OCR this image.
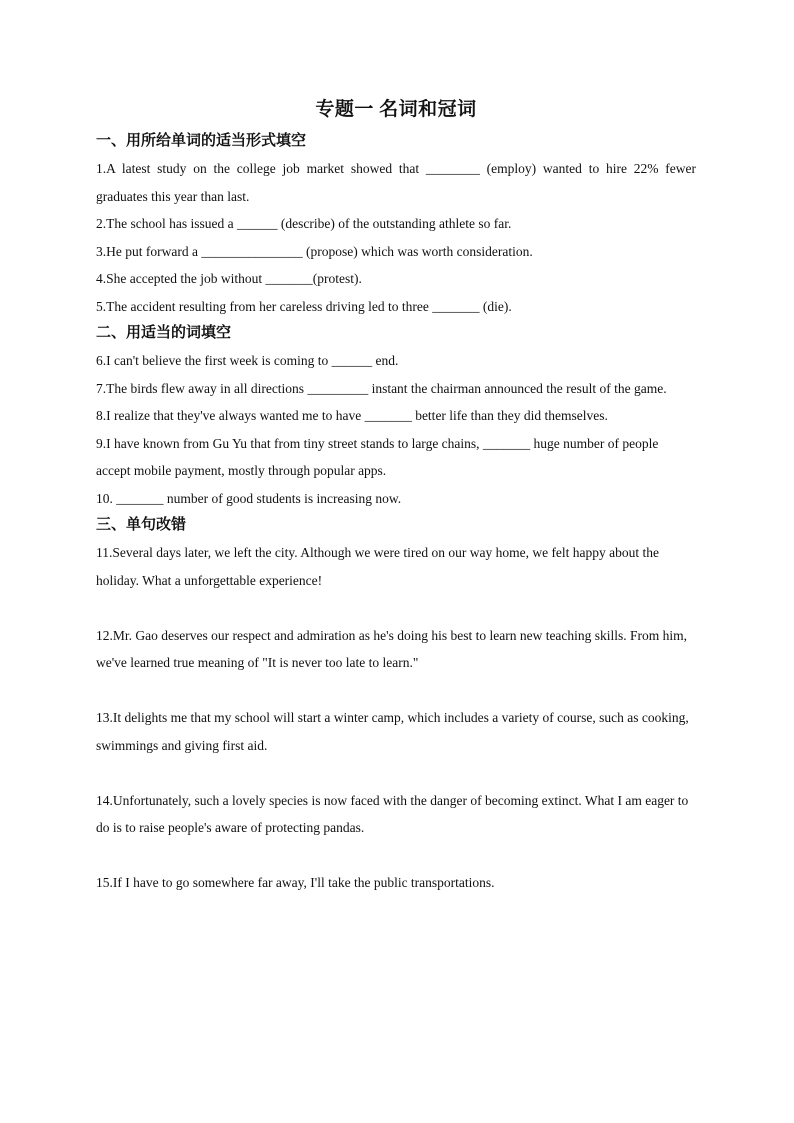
专题一 名词和冠词
一、用所给单词的适当形式填空

1.A latest study on the college job market showed that ________ (employ) wanted to hire 22% fewer graduates this year than last.

2.The school has issued a ______ (describe) of the outstanding athlete so far.

3.He put forward a _______________ (propose) which was worth consideration.

4.She accepted the job without _______(protest).

5.The accident resulting from her careless driving led to three _______ (die).

二、用适当的词填空

6.I can't believe the first week is coming to ______ end.

7.The birds flew away in all directions _________ instant the chairman announced the result of the game.

8.I realize that they've always wanted me to have _______ better life than they did themselves.

9.I have known from Gu Yu that from tiny street stands to large chains, _______ huge number of people accept mobile payment, mostly through popular apps.

10. _______ number of good students is increasing now.

三、单句改错

11.Several days later, we left the city. Although we were tired on our way home, we felt happy about the holiday. What a unforgettable experience!

12.Mr. Gao deserves our respect and admiration as he's doing his best to learn new teaching skills. From him, we've learned true meaning of "It is never too late to learn."

13.It delights me that my school will start a winter camp, which includes a variety of course, such as cooking, swimmings and giving first aid.

14.Unfortunately, such a lovely species is now faced with the danger of becoming extinct. What I am eager to do is to raise people's aware of protecting pandas.

15.If I have to go somewhere far away, I'll take the public transportations.
